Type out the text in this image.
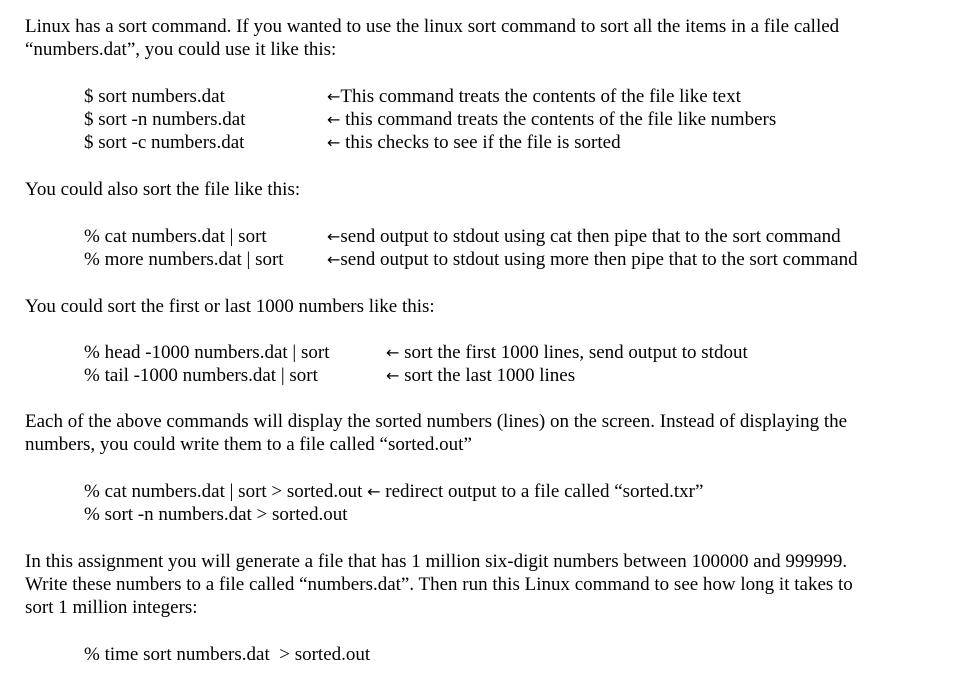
Linux has a sort command. If you wanted to use the linux sort command to sort all the items in a file called
“numbers.dat”, you could use it like this:
$ sort numbers.dat	←This command treats the contents of the file like text
$ sort -n numbers.dat	← this command treats the contents of the file like numbers
$ sort -c numbers.dat	← this checks to see if the file is sorted
You could also sort the file like this:
% cat numbers.dat | sort	←send output to stdout using cat then pipe that to the sort command
% more numbers.dat | sort	←send output to stdout using more then pipe that to the sort command
You could sort the first or last 1000 numbers like this:
% head -1000 numbers.dat | sort	← sort the first 1000 lines, send output to stdout
% tail -1000 numbers.dat | sort	← sort the last 1000 lines
Each of the above commands will display the sorted numbers (lines) on the screen. Instead of displaying the
numbers, you could write them to a file called “sorted.out”
% cat numbers.dat | sort > sorted.out ← redirect output to a file called “sorted.txr”
% sort -n numbers.dat > sorted.out
In this assignment you will generate a file that has 1 million six-digit numbers between 100000 and 999999.
Write these numbers to a file called “numbers.dat”. Then run this Linux command to see how long it takes to
sort 1 million integers:
% time sort numbers.dat  > sorted.out
